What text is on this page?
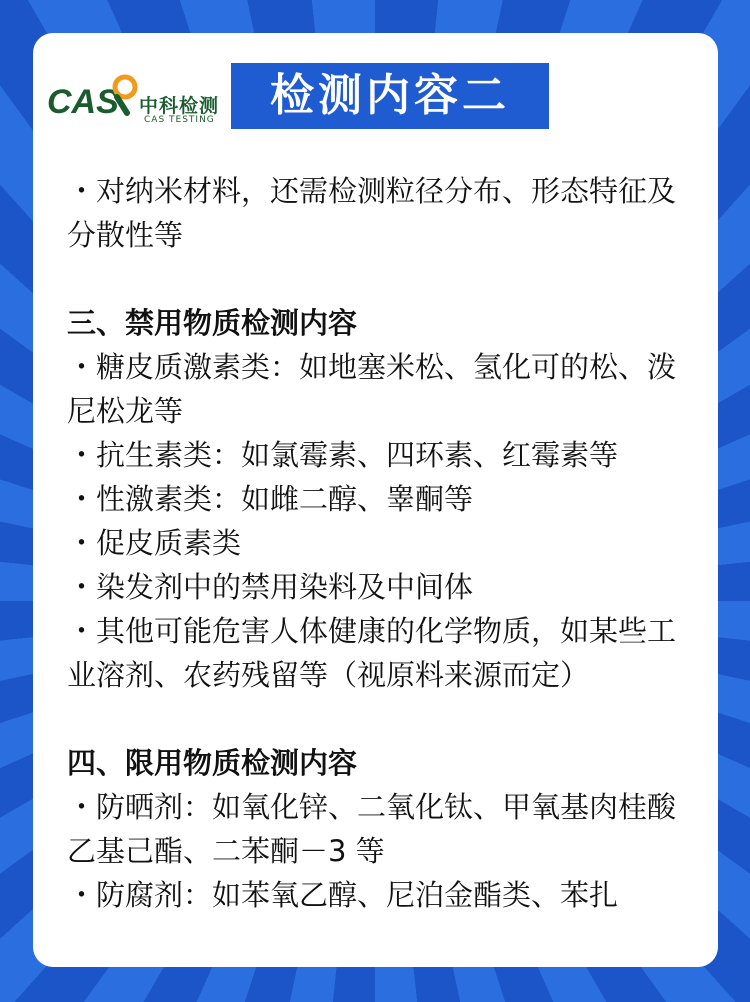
CAS 中科检测
CAS TESTING	检测内容二

・对纳米材料，还需检测粒径分布、形态特征及分散性等

三、禁用物质检测内容

・糖皮质激素类：如地塞米松、氢化可的松、泼尼松龙等

・抗生素类：如氯霉素、四环素、红霉素等

・性激素类：如雌二醇、睾酮等

・促皮质素类

・染发剂中的禁用染料及中间体

・其他可能危害人体健康的化学物质，如某些工业溶剂、农药残留等（视原料来源而定）

四、限用物质检测内容

・防晒剂：如氧化锌、二氧化钛、甲氧基肉桂酸乙基己酯、二苯酮－3 等

・防腐剂：如苯氧乙醇、尼泊金酯类、苯扎
